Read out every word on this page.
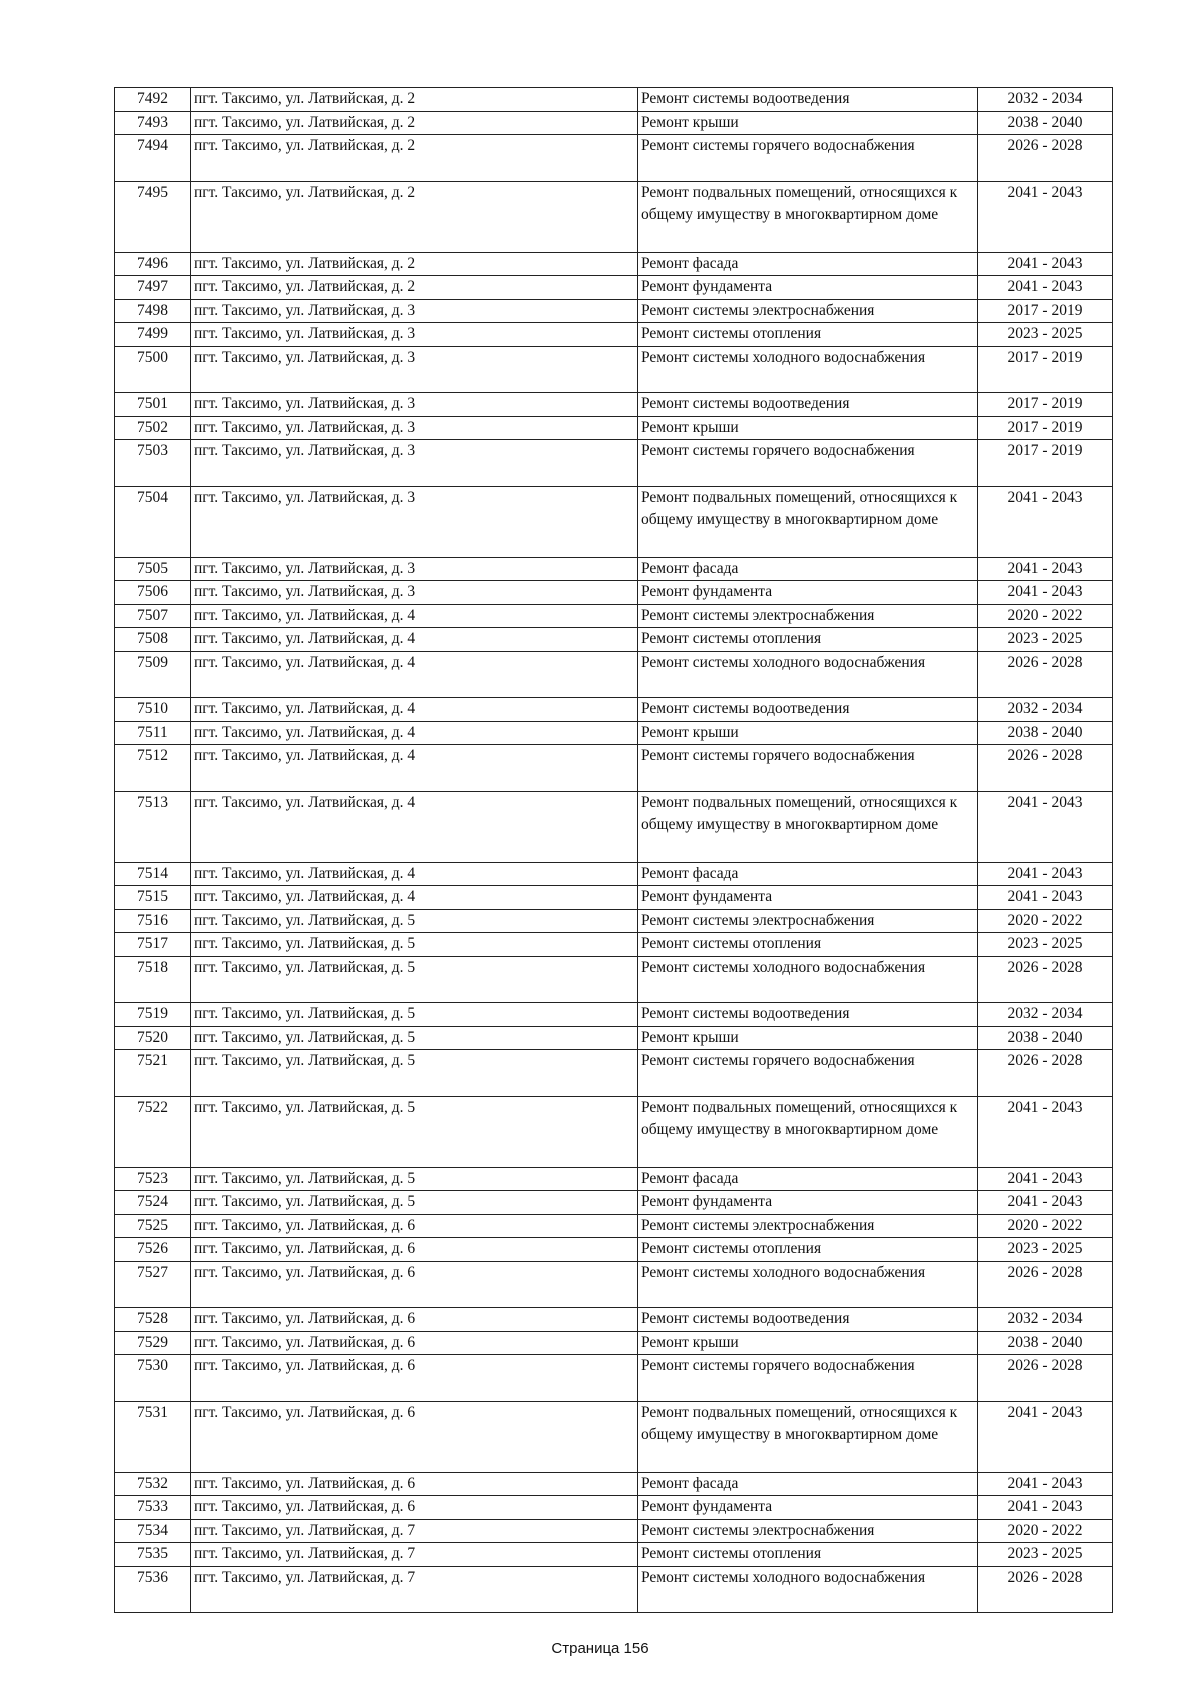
7492	пгт. Таксимо, ул. Латвийская, д. 2	Ремонт системы водоотведения	2032 - 2034
7493	пгт. Таксимо, ул. Латвийская, д. 2	Ремонт крыши	2038 - 2040
7494	пгт. Таксимо, ул. Латвийская, д. 2	Ремонт системы горячего водоснабжения	2026 - 2028
7495	пгт. Таксимо, ул. Латвийская, д. 2	Ремонт подвальных помещений, относящихся к общему имуществу в многоквартирном доме	2041 - 2043
7496	пгт. Таксимо, ул. Латвийская, д. 2	Ремонт фасада	2041 - 2043
7497	пгт. Таксимо, ул. Латвийская, д. 2	Ремонт фундамента	2041 - 2043
7498	пгт. Таксимо, ул. Латвийская, д. 3	Ремонт системы электроснабжения	2017 - 2019
7499	пгт. Таксимо, ул. Латвийская, д. 3	Ремонт системы отопления	2023 - 2025
7500	пгт. Таксимо, ул. Латвийская, д. 3	Ремонт системы холодного водоснабжения	2017 - 2019
7501	пгт. Таксимо, ул. Латвийская, д. 3	Ремонт системы водоотведения	2017 - 2019
7502	пгт. Таксимо, ул. Латвийская, д. 3	Ремонт крыши	2017 - 2019
7503	пгт. Таксимо, ул. Латвийская, д. 3	Ремонт системы горячего водоснабжения	2017 - 2019
7504	пгт. Таксимо, ул. Латвийская, д. 3	Ремонт подвальных помещений, относящихся к общему имуществу в многоквартирном доме	2041 - 2043
7505	пгт. Таксимо, ул. Латвийская, д. 3	Ремонт фасада	2041 - 2043
7506	пгт. Таксимо, ул. Латвийская, д. 3	Ремонт фундамента	2041 - 2043
7507	пгт. Таксимо, ул. Латвийская, д. 4	Ремонт системы электроснабжения	2020 - 2022
7508	пгт. Таксимо, ул. Латвийская, д. 4	Ремонт системы отопления	2023 - 2025
7509	пгт. Таксимо, ул. Латвийская, д. 4	Ремонт системы холодного водоснабжения	2026 - 2028
7510	пгт. Таксимо, ул. Латвийская, д. 4	Ремонт системы водоотведения	2032 - 2034
7511	пгт. Таксимо, ул. Латвийская, д. 4	Ремонт крыши	2038 - 2040
7512	пгт. Таксимо, ул. Латвийская, д. 4	Ремонт системы горячего водоснабжения	2026 - 2028
7513	пгт. Таксимо, ул. Латвийская, д. 4	Ремонт подвальных помещений, относящихся к общему имуществу в многоквартирном доме	2041 - 2043
7514	пгт. Таксимо, ул. Латвийская, д. 4	Ремонт фасада	2041 - 2043
7515	пгт. Таксимо, ул. Латвийская, д. 4	Ремонт фундамента	2041 - 2043
7516	пгт. Таксимо, ул. Латвийская, д. 5	Ремонт системы электроснабжения	2020 - 2022
7517	пгт. Таксимо, ул. Латвийская, д. 5	Ремонт системы отопления	2023 - 2025
7518	пгт. Таксимо, ул. Латвийская, д. 5	Ремонт системы холодного водоснабжения	2026 - 2028
7519	пгт. Таксимо, ул. Латвийская, д. 5	Ремонт системы водоотведения	2032 - 2034
7520	пгт. Таксимо, ул. Латвийская, д. 5	Ремонт крыши	2038 - 2040
7521	пгт. Таксимо, ул. Латвийская, д. 5	Ремонт системы горячего водоснабжения	2026 - 2028
7522	пгт. Таксимо, ул. Латвийская, д. 5	Ремонт подвальных помещений, относящихся к общему имуществу в многоквартирном доме	2041 - 2043
7523	пгт. Таксимо, ул. Латвийская, д. 5	Ремонт фасада	2041 - 2043
7524	пгт. Таксимо, ул. Латвийская, д. 5	Ремонт фундамента	2041 - 2043
7525	пгт. Таксимо, ул. Латвийская, д. 6	Ремонт системы электроснабжения	2020 - 2022
7526	пгт. Таксимо, ул. Латвийская, д. 6	Ремонт системы отопления	2023 - 2025
7527	пгт. Таксимо, ул. Латвийская, д. 6	Ремонт системы холодного водоснабжения	2026 - 2028
7528	пгт. Таксимо, ул. Латвийская, д. 6	Ремонт системы водоотведения	2032 - 2034
7529	пгт. Таксимо, ул. Латвийская, д. 6	Ремонт крыши	2038 - 2040
7530	пгт. Таксимо, ул. Латвийская, д. 6	Ремонт системы горячего водоснабжения	2026 - 2028
7531	пгт. Таксимо, ул. Латвийская, д. 6	Ремонт подвальных помещений, относящихся к общему имуществу в многоквартирном доме	2041 - 2043
7532	пгт. Таксимо, ул. Латвийская, д. 6	Ремонт фасада	2041 - 2043
7533	пгт. Таксимо, ул. Латвийская, д. 6	Ремонт фундамента	2041 - 2043
7534	пгт. Таксимо, ул. Латвийская, д. 7	Ремонт системы электроснабжения	2020 - 2022
7535	пгт. Таксимо, ул. Латвийская, д. 7	Ремонт системы отопления	2023 - 2025
7536	пгт. Таксимо, ул. Латвийская, д. 7	Ремонт системы холодного водоснабжения	2026 - 2028
Страница 156
